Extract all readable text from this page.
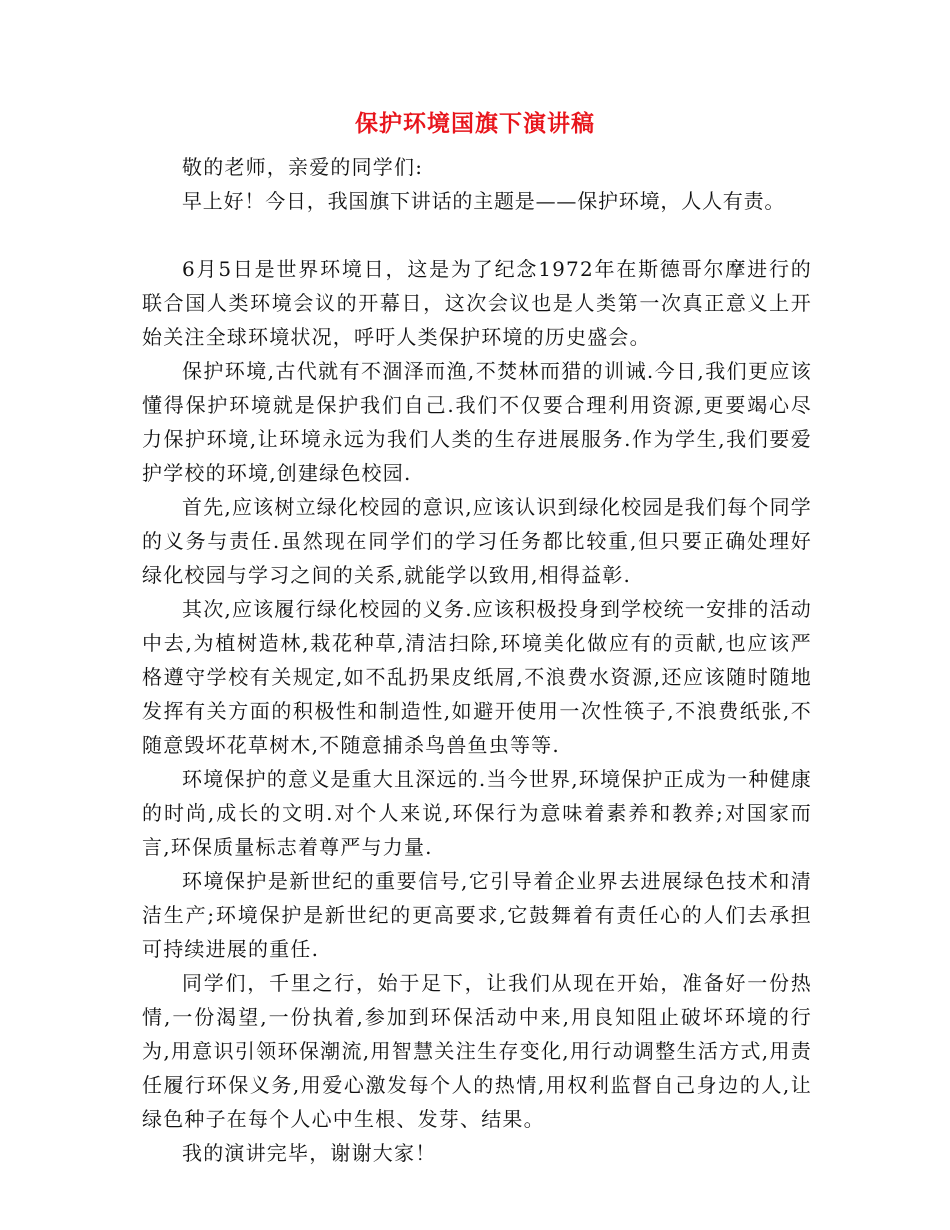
保护环境国旗下演讲稿

敬的老师，亲爱的同学们:

早上好！今日，我国旗下讲话的主题是——保护环境，人人有责。

6月5日是世界环境日，这是为了纪念1972年在斯德哥尔摩进行的联合国人类环境会议的开幕日，这次会议也是人类第一次真正意义上开始关注全球环境状况，呼吁人类保护环境的历史盛会。

保护环境,古代就有不涸泽而渔,不焚林而猎的训诫.今日,我们更应该懂得保护环境就是保护我们自己.我们不仅要合理利用资源,更要竭心尽力保护环境,让环境永远为我们人类的生存进展服务.作为学生,我们要爱护学校的环境,创建绿色校园.

首先,应该树立绿化校园的意识,应该认识到绿化校园是我们每个同学的义务与责任.虽然现在同学们的学习任务都比较重,但只要正确处理好绿化校园与学习之间的关系,就能学以致用,相得益彰.

其次,应该履行绿化校园的义务.应该积极投身到学校统一安排的活动中去,为植树造林,栽花种草,清洁扫除,环境美化做应有的贡献,也应该严格遵守学校有关规定,如不乱扔果皮纸屑,不浪费水资源,还应该随时随地发挥有关方面的积极性和制造性,如避开使用一次性筷子,不浪费纸张,不随意毁坏花草树木,不随意捕杀鸟兽鱼虫等等.

环境保护的意义是重大且深远的.当今世界,环境保护正成为一种健康的时尚,成长的文明.对个人来说,环保行为意味着素养和教养;对国家而言,环保质量标志着尊严与力量.

环境保护是新世纪的重要信号,它引导着企业界去进展绿色技术和清洁生产;环境保护是新世纪的更高要求,它鼓舞着有责任心的人们去承担可持续进展的重任.

同学们，千里之行，始于足下，让我们从现在开始，准备好一份热情,一份渴望,一份执着,参加到环保活动中来,用良知阻止破坏环境的行为,用意识引领环保潮流,用智慧关注生存变化,用行动调整生活方式,用责任履行环保义务,用爱心激发每个人的热情,用权利监督自己身边的人,让绿色种子在每个人心中生根、发芽、结果。

我的演讲完毕，谢谢大家！
